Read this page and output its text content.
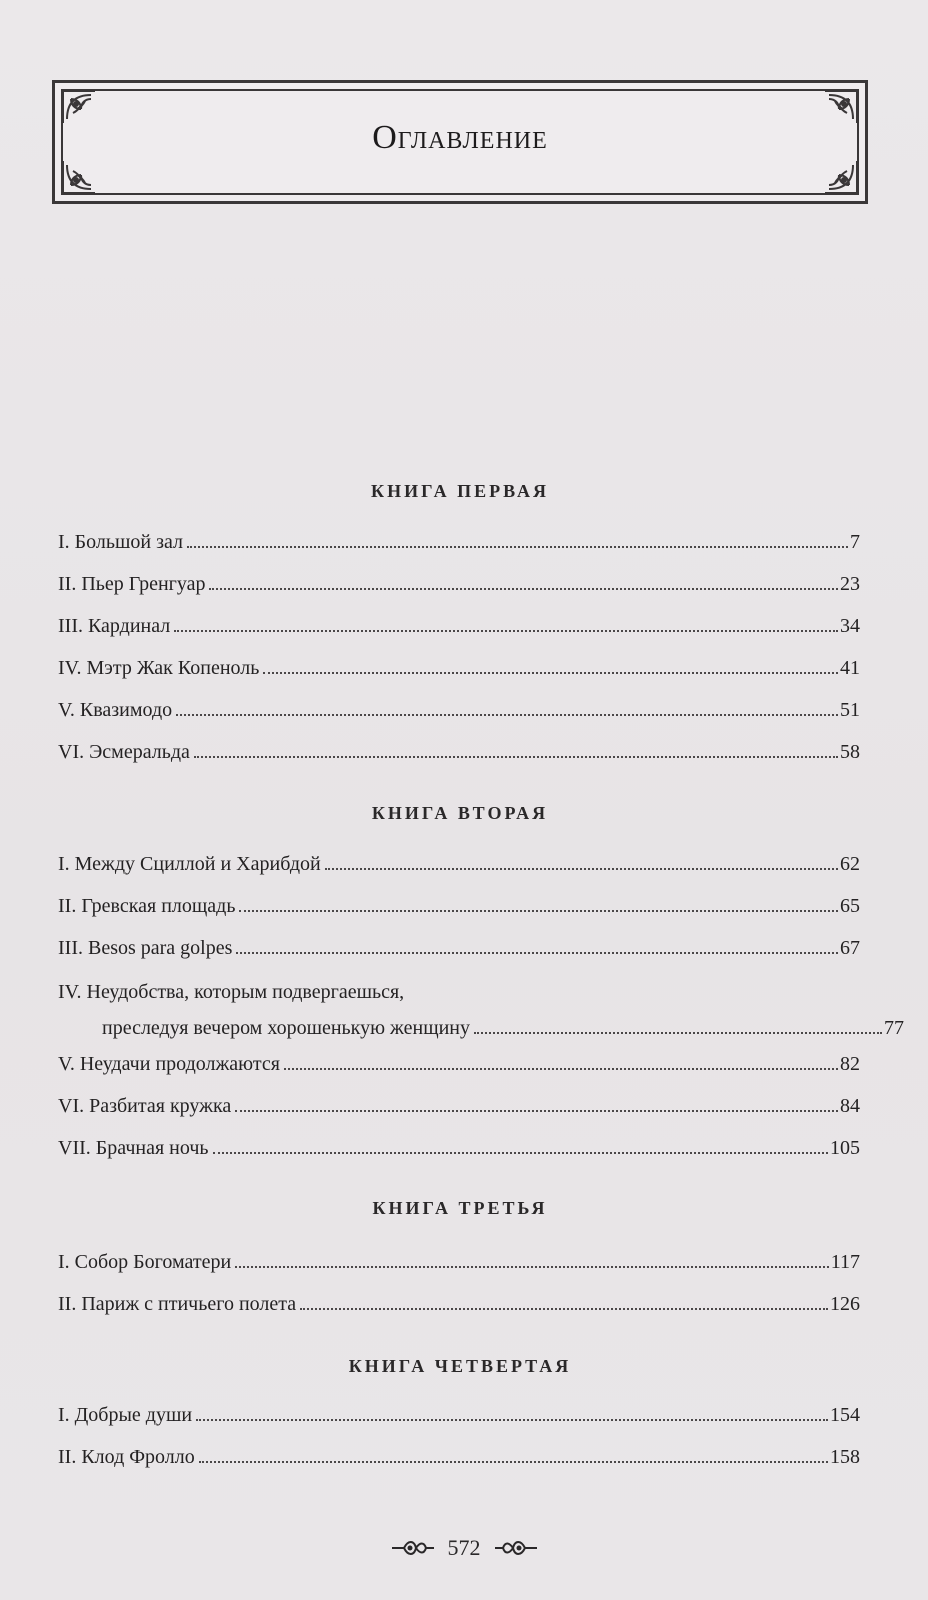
Оглавление
КНИГА ПЕРВАЯ
I. Большой зал	7
II. Пьер Гренгуар	23
III. Кардинал	34
IV. Мэтр Жак Копеноль	41
V. Квазимодо	51
VI. Эсмеральда	58
КНИГА ВТОРАЯ
I. Между Сциллой и Харибдой	62
II. Гревская площадь	65
III. Besos para golpes	67
IV. Неудобства, которым подвергаешься,
преследуя вечером хорошенькую женщину	77
V. Неудачи продолжаются	82
VI. Разбитая кружка	84
VII. Брачная ночь	105
КНИГА ТРЕТЬЯ
I. Собор Богоматери	117
II. Париж с птичьего полета	126
КНИГА ЧЕТВЕРТАЯ
I. Добрые души	154
II. Клод Фролло	158
572
